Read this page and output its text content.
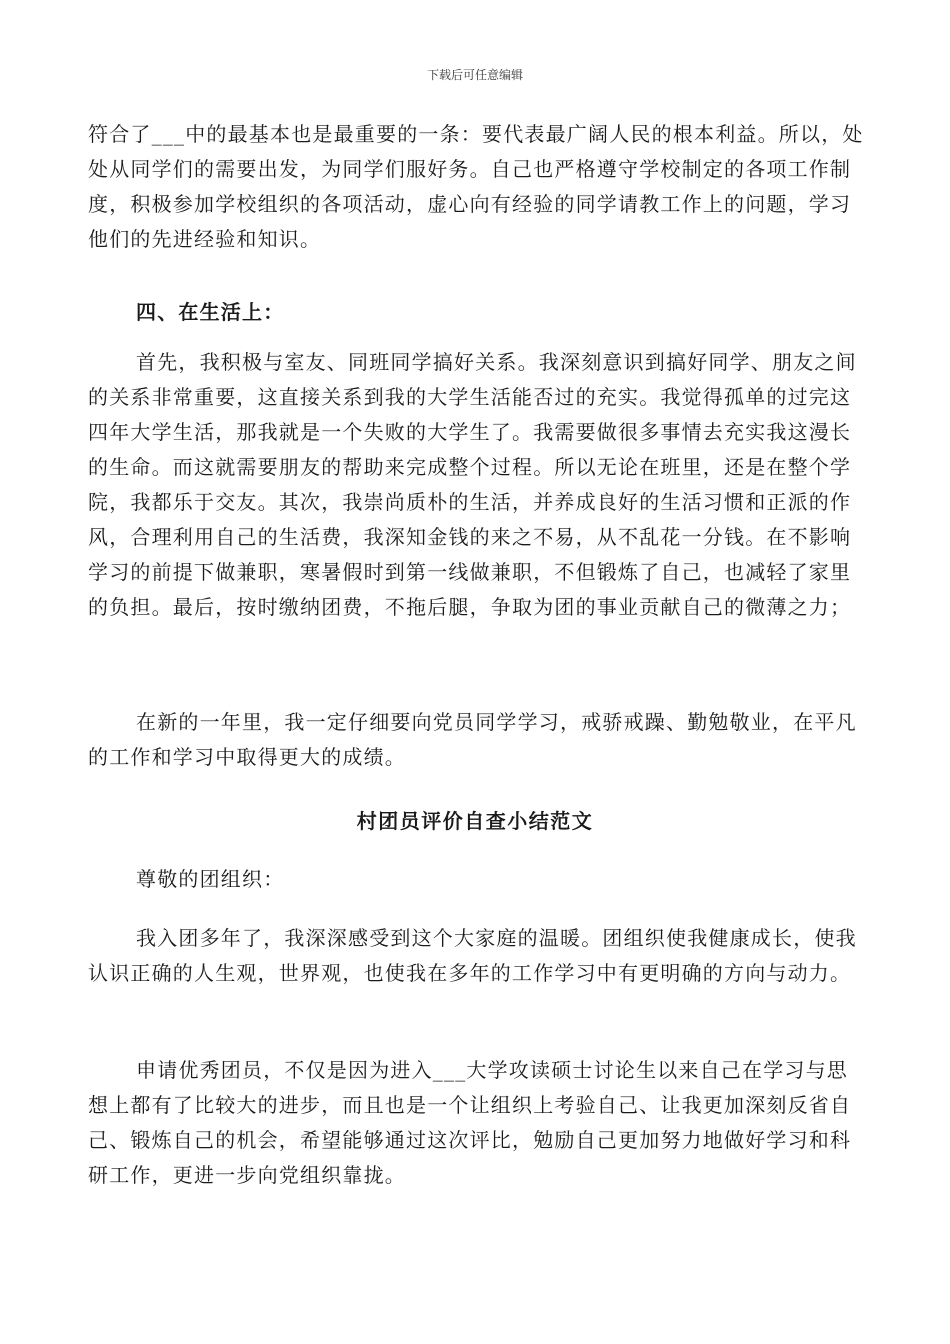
下载后可任意编辑

符合了___中的最基本也是最重要的一条：要代表最广阔人民的根本利益。所以，处处从同学们的需要出发，为同学们服好务。自己也严格遵守学校制定的各项工作制度，积极参加学校组织的各项活动，虚心向有经验的同学请教工作上的问题，学习他们的先进经验和知识。

四、在生活上：

首先，我积极与室友、同班同学搞好关系。我深刻意识到搞好同学、朋友之间的关系非常重要，这直接关系到我的大学生活能否过的充实。我觉得孤单的过完这四年大学生活，那我就是一个失败的大学生了。我需要做很多事情去充实我这漫长的生命。而这就需要朋友的帮助来完成整个过程。所以无论在班里，还是在整个学院，我都乐于交友。其次，我崇尚质朴的生活，并养成良好的生活习惯和正派的作风，合理利用自己的生活费，我深知金钱的来之不易，从不乱花一分钱。在不影响学习的前提下做兼职，寒暑假时到第一线做兼职，不但锻炼了自己，也减轻了家里的负担。最后，按时缴纳团费，不拖后腿，争取为团的事业贡献自己的微薄之力；

在新的一年里，我一定仔细要向党员同学学习，戒骄戒躁、勤勉敬业，在平凡的工作和学习中取得更大的成绩。

村团员评价自查小结范文
尊敬的团组织：

我入团多年了，我深深感受到这个大家庭的温暖。团组织使我健康成长，使我认识正确的人生观，世界观，也使我在多年的工作学习中有更明确的方向与动力。

申请优秀团员，不仅是因为进入___大学攻读硕士讨论生以来自己在学习与思想上都有了比较大的进步，而且也是一个让组织上考验自己、让我更加深刻反省自己、锻炼自己的机会，希望能够通过这次评比，勉励自己更加努力地做好学习和科研工作，更进一步向党组织靠拢。
